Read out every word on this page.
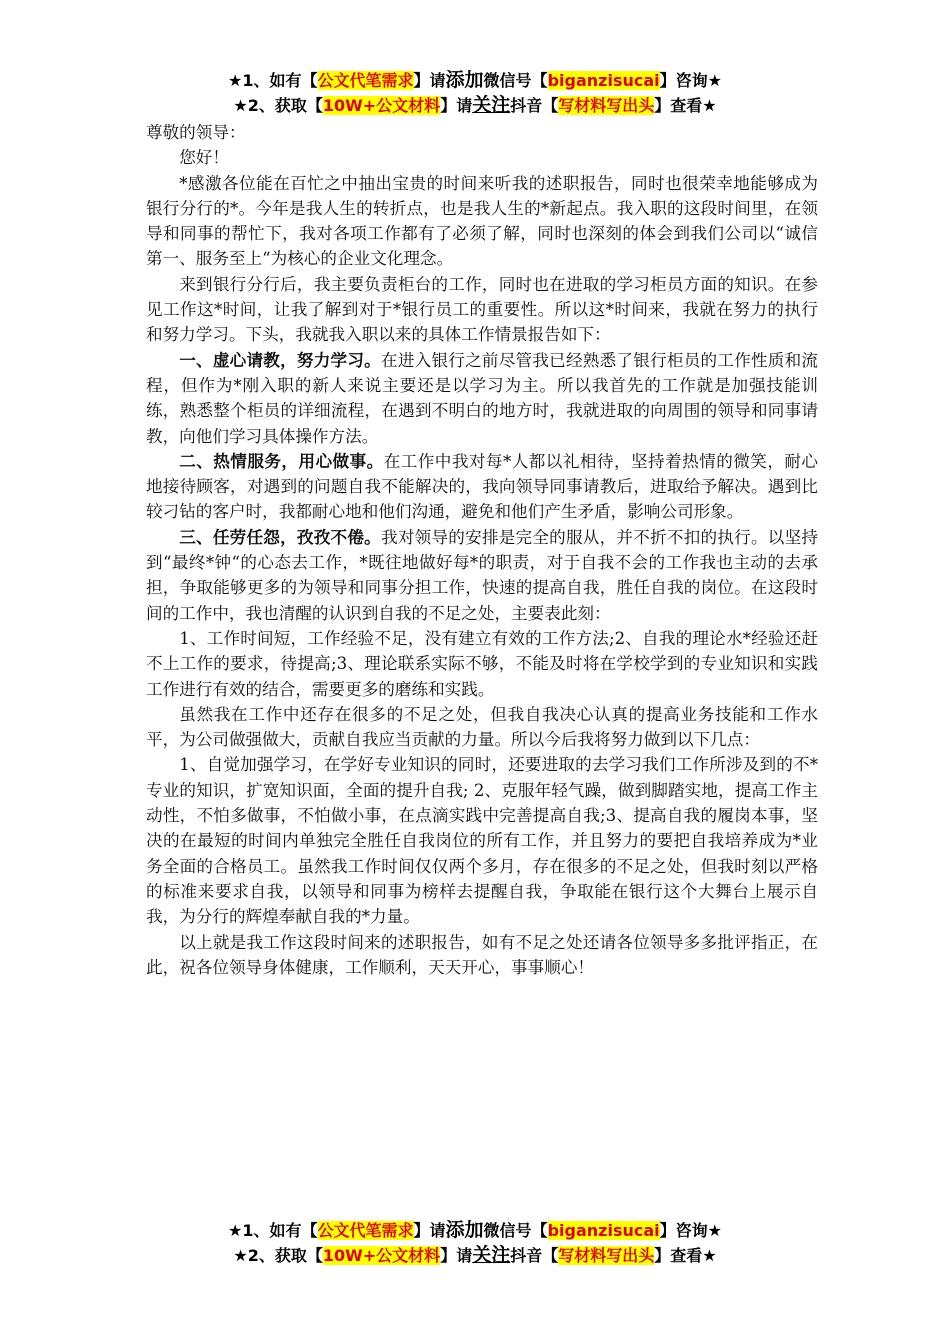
★1、如有【公文代笔需求】请添加微信号【biganzisucai】咨询★
★2、获取【10W+公文材料】请关注抖音【写材料写出头】查看★

尊敬的领导：

您好！

*感激各位能在百忙之中抽出宝贵的时间来听我的述职报告，同时也很荣幸地能够成为银行分行的*。今年是我人生的转折点，也是我人生的*新起点。我入职的这段时间里，在领导和同事的帮忙下，我对各项工作都有了必须了解，同时也深刻的体会到我们公司以“诚信第一、服务至上“为核心的企业文化理念。

来到银行分行后，我主要负责柜台的工作，同时也在进取的学习柜员方面的知识。在参见工作这*时间，让我了解到对于*银行员工的重要性。所以这*时间来，我就在努力的执行和努力学习。下头，我就我入职以来的具体工作情景报告如下：

一、虚心请教，努力学习。在进入银行之前尽管我已经熟悉了银行柜员的工作性质和流程，但作为*刚入职的新人来说主要还是以学习为主。所以我首先的工作就是加强技能训练，熟悉整个柜员的详细流程，在遇到不明白的地方时，我就进取的向周围的领导和同事请教，向他们学习具体操作方法。

二、热情服务，用心做事。在工作中我对每*人都以礼相待，坚持着热情的微笑，耐心地接待顾客，对遇到的问题自我不能解决的，我向领导同事请教后，进取给予解决。遇到比较刁钻的客户时，我都耐心地和他们沟通，避免和他们产生矛盾，影响公司形象。

三、任劳任怨，孜孜不倦。我对领导的安排是完全的服从，并不折不扣的执行。以坚持到“最终*钟“的心态去工作，*既往地做好每*的职责，对于自我不会的工作我也主动的去承担，争取能够更多的为领导和同事分担工作，快速的提高自我，胜任自我的岗位。在这段时间的工作中，我也清醒的认识到自我的不足之处，主要表此刻：

1、工作时间短，工作经验不足，没有建立有效的工作方法;2、自我的理论水*经验还赶不上工作的要求，待提高;3、理论联系实际不够，不能及时将在学校学到的专业知识和实践工作进行有效的结合，需要更多的磨练和实践。

虽然我在工作中还存在很多的不足之处，但我自我决心认真的提高业务技能和工作水平，为公司做强做大，贡献自我应当贡献的力量。所以今后我将努力做到以下几点：

1、自觉加强学习，在学好专业知识的同时，还要进取的去学习我们工作所涉及到的不*专业的知识，扩宽知识面，全面的提升自我; 2、克服年轻气躁，做到脚踏实地，提高工作主动性，不怕多做事，不怕做小事，在点滴实践中完善提高自我;3、提高自我的履岗本事，坚决的在最短的时间内单独完全胜任自我岗位的所有工作，并且努力的要把自我培养成为*业务全面的合格员工。虽然我工作时间仅仅两个多月，存在很多的不足之处，但我时刻以严格的标准来要求自我，以领导和同事为榜样去提醒自我，争取能在银行这个大舞台上展示自我，为分行的辉煌奉献自我的*力量。

以上就是我工作这段时间来的述职报告，如有不足之处还请各位领导多多批评指正，在此，祝各位领导身体健康，工作顺利，天天开心，事事顺心！

★1、如有【公文代笔需求】请添加微信号【biganzisucai】咨询★
★2、获取【10W+公文材料】请关注抖音【写材料写出头】查看★
